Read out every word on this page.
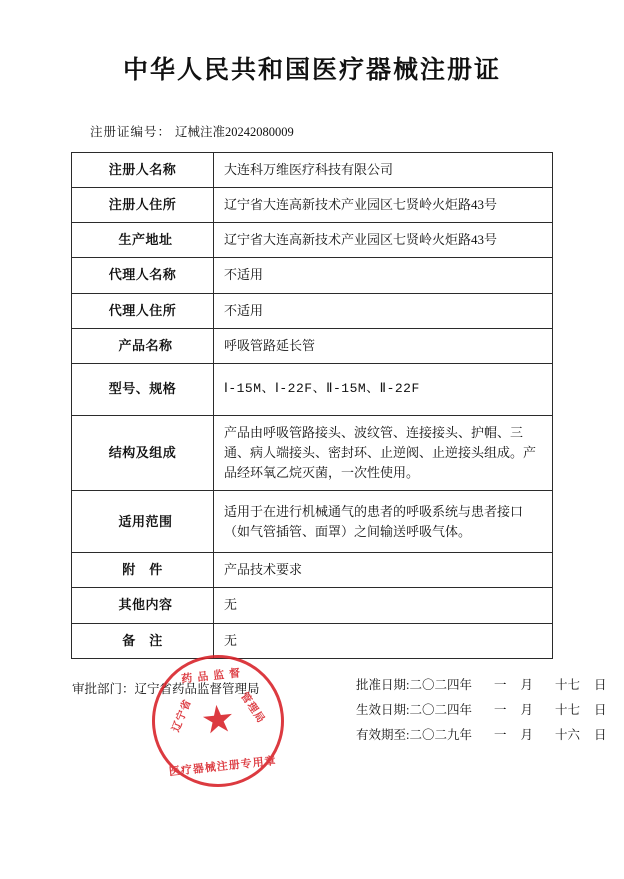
中华人民共和国医疗器械注册证
注册证编号： 辽械注准20242080009
注册人名称	大连科万维医疗科技有限公司
注册人住所	辽宁省大连高新技术产业园区七贤岭火炬路43号
生产地址	辽宁省大连高新技术产业园区七贤岭火炬路43号
代理人名称	不适用
代理人住所	不适用
产品名称	呼吸管路延长管
型号、规格	Ⅰ-15M、Ⅰ-22F、Ⅱ-15M、Ⅱ-22F
结构及组成	产品由呼吸管路接头、波纹管、连接接头、护帽、三通、病人端接头、密封环、止逆阀、止逆接头组成。产品经环氧乙烷灭菌，一次性使用。
适用范围	适用于在进行机械通气的患者的呼吸系统与患者接口（如气管插管、面罩）之间输送呼吸气体。
附　件	产品技术要求
其他内容	无
备　注	无
审批部门：辽宁省药品监督管理局	批准日期:二〇二四年 一 月 十七 日
生效日期:二〇二四年 一 月 十七 日
有效期至:二〇二九年 一 月 十六 日
药品监督
辽宁省	管理局
★
医疗器械注册专用章
